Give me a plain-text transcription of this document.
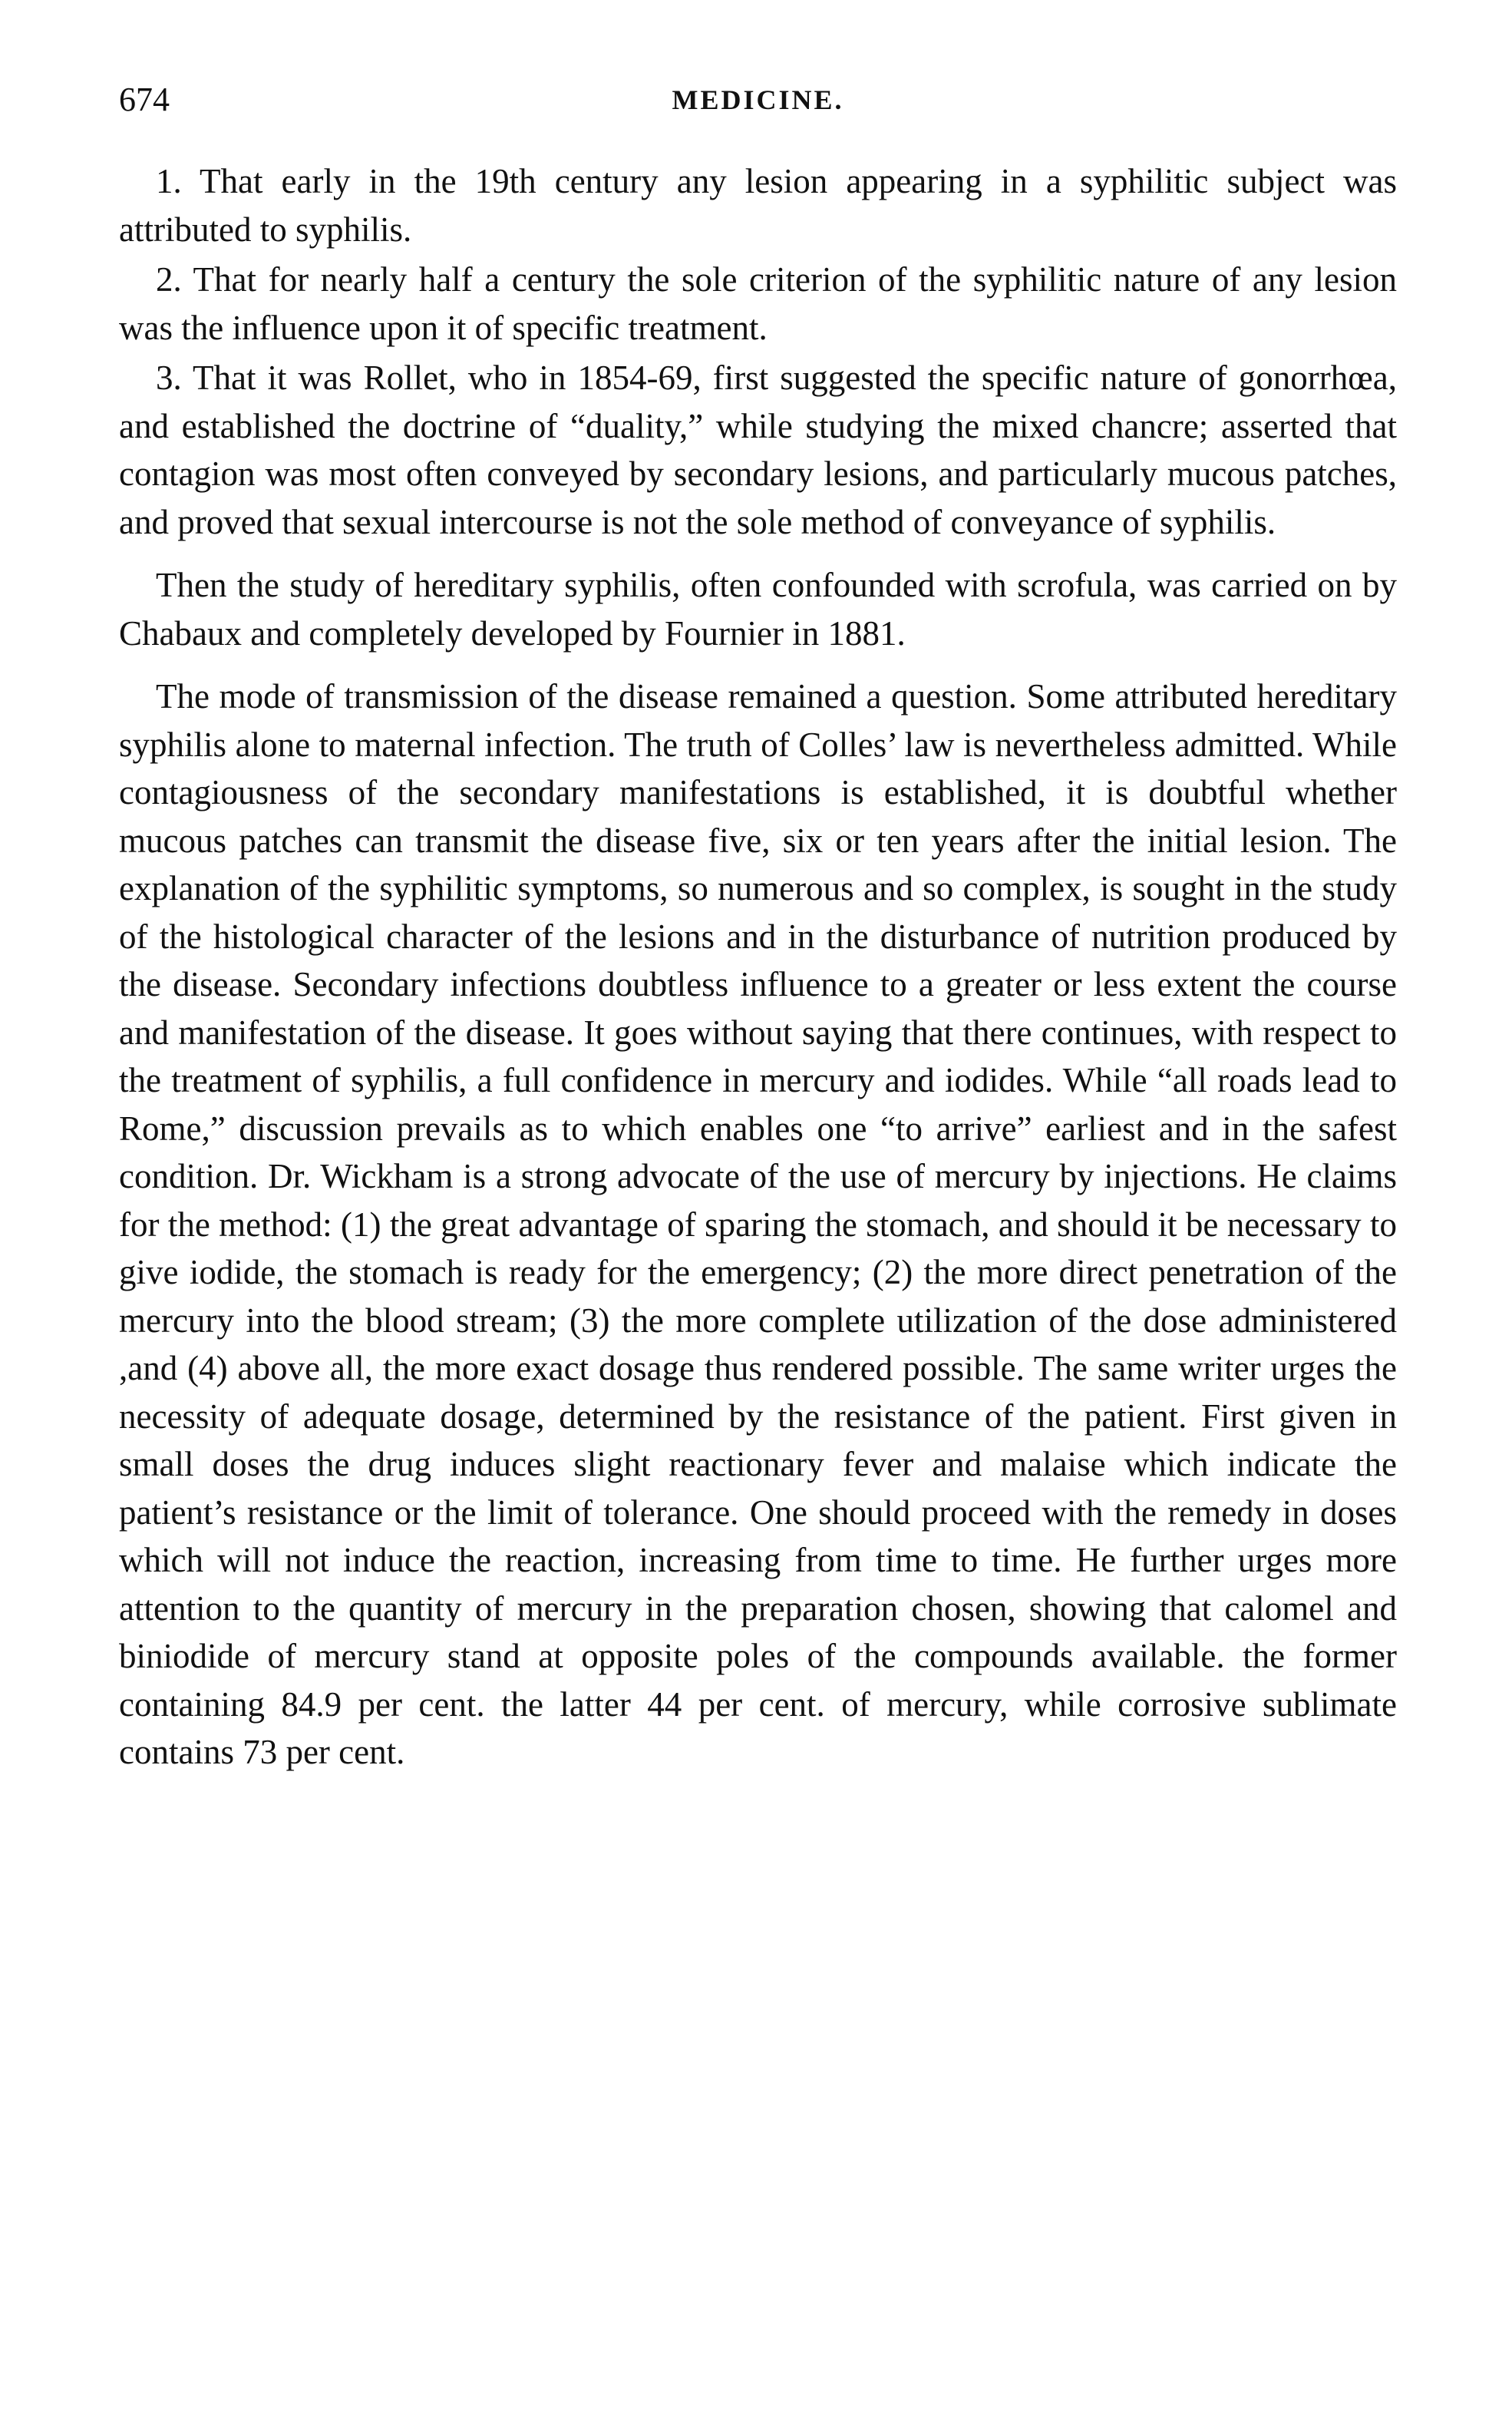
674	MEDICINE.

1. That early in the 19th century any lesion appearing in a syphilitic subject was attributed to syphilis.

2. That for nearly half a century the sole criterion of the syphilitic nature of any lesion was the influence upon it of specific treatment.

3. That it was Rollet, who in 1854-69, first suggested the specific nature of gonorrhœa, and established the doctrine of “duality,” while studying the mixed chancre; asserted that contagion was most often conveyed by secondary lesions, and particularly mucous patches, and proved that sexual intercourse is not the sole method of conveyance of syphilis.

Then the study of hereditary syphilis, often confounded with scrofula, was carried on by Chabaux and completely developed by Fournier in 1881.

The mode of transmission of the disease remained a question. Some attributed hereditary syphilis alone to maternal infection. The truth of Colles’ law is nevertheless admitted. While contagiousness of the secondary manifestations is established, it is doubtful whether mucous patches can transmit the disease five, six or ten years after the initial lesion. The explanation of the syphilitic symptoms, so numerous and so complex, is sought in the study of the histological character of the lesions and in the disturbance of nutrition produced by the disease. Secondary infections doubtless influence to a greater or less extent the course and manifestation of the disease. It goes without saying that there continues, with respect to the treatment of syphilis, a full confidence in mercury and iodides. While “all roads lead to Rome,” discussion prevails as to which enables one “to arrive” earliest and in the safest condition. Dr. Wickham is a strong advocate of the use of mercury by injections. He claims for the method: (1) the great advantage of sparing the stomach, and should it be necessary to give iodide, the stomach is ready for the emergency; (2) the more direct penetration of the mercury into the blood stream; (3) the more complete utilization of the dose administered ,and (4) above all, the more exact dosage thus rendered possible. The same writer urges the necessity of adequate dosage, determined by the resistance of the patient. First given in small doses the drug induces slight reactionary fever and malaise which indicate the patient’s resistance or the limit of tolerance. One should proceed with the remedy in doses which will not induce the reaction, increasing from time to time. He further urges more attention to the quantity of mercury in the preparation chosen, showing that calomel and biniodide of mercury stand at opposite poles of the compounds available. the former containing 84.9 per cent. the latter 44 per cent. of mercury, while corrosive sublimate contains 73 per cent.
